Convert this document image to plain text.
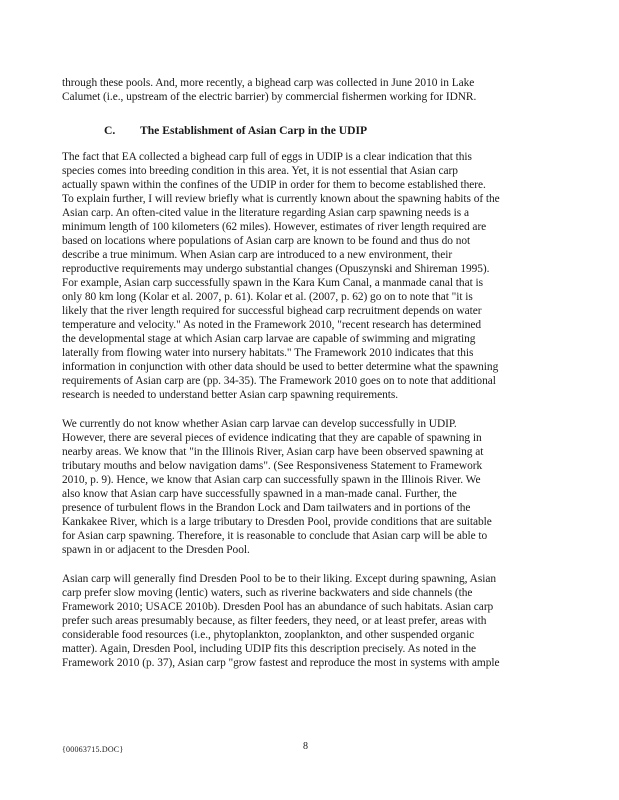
through these pools. And, more recently, a bighead carp was collected in June 2010 in Lake
Calumet (i.e., upstream of the electric barrier) by commercial fishermen working for IDNR.
C. The Establishment of Asian Carp in the UDIP
The fact that EA collected a bighead carp full of eggs in UDIP is a clear indication that this
species comes into breeding condition in this area. Yet, it is not essential that Asian carp
actually spawn within the confines of the UDIP in order for them to become established there.
To explain further, I will review briefly what is currently known about the spawning habits of the
Asian carp. An often-cited value in the literature regarding Asian carp spawning needs is a
minimum length of 100 kilometers (62 miles). However, estimates of river length required are
based on locations where populations of Asian carp are known to be found and thus do not
describe a true minimum. When Asian carp are introduced to a new environment, their
reproductive requirements may undergo substantial changes (Opuszynski and Shireman 1995).
For example, Asian carp successfully spawn in the Kara Kum Canal, a manmade canal that is
only 80 km long (Kolar et al. 2007, p. 61). Kolar et al. (2007, p. 62) go on to note that "it is
likely that the river length required for successful bighead carp recruitment depends on water
temperature and velocity." As noted in the Framework 2010, "recent research has determined
the developmental stage at which Asian carp larvae are capable of swimming and migrating
laterally from flowing water into nursery habitats." The Framework 2010 indicates that this
information in conjunction with other data should be used to better determine what the spawning
requirements of Asian carp are (pp. 34-35). The Framework 2010 goes on to note that additional
research is needed to understand better Asian carp spawning requirements.
We currently do not know whether Asian carp larvae can develop successfully in UDIP.
However, there are several pieces of evidence indicating that they are capable of spawning in
nearby areas. We know that "in the Illinois River, Asian carp have been observed spawning at
tributary mouths and below navigation dams". (See Responsiveness Statement to Framework
2010, p. 9). Hence, we know that Asian carp can successfully spawn in the Illinois River. We
also know that Asian carp have successfully spawned in a man-made canal. Further, the
presence of turbulent flows in the Brandon Lock and Dam tailwaters and in portions of the
Kankakee River, which is a large tributary to Dresden Pool, provide conditions that are suitable
for Asian carp spawning. Therefore, it is reasonable to conclude that Asian carp will be able to
spawn in or adjacent to the Dresden Pool.
Asian carp will generally find Dresden Pool to be to their liking. Except during spawning, Asian
carp prefer slow moving (lentic) waters, such as riverine backwaters and side channels (the
Framework 2010; USACE 2010b). Dresden Pool has an abundance of such habitats. Asian carp
prefer such areas presumably because, as filter feeders, they need, or at least prefer, areas with
considerable food resources (i.e., phytoplankton, zooplankton, and other suspended organic
matter). Again, Dresden Pool, including UDIP fits this description precisely. As noted in the
Framework 2010 (p. 37), Asian carp "grow fastest and reproduce the most in systems with ample
{00063715.DOC}	8
